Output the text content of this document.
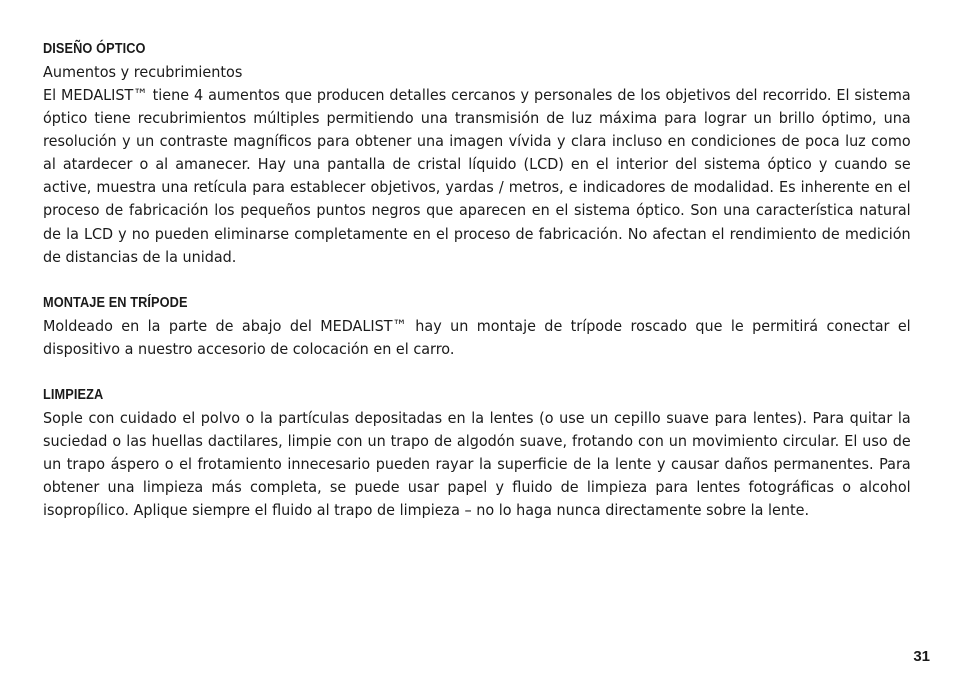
DISEÑO ÓPTICO

Aumentos y recubrimientos

El MEDALIST™ tiene 4 aumentos que producen detalles cercanos y personales de los objetivos del recorrido. El sistema óptico tiene recubrimientos múltiples permitiendo una transmisión de luz máxima para lograr un brillo óptimo, una resolución y un contraste magníficos para obtener una imagen vívida y clara incluso en condiciones de poca luz como al atardecer o al amanecer. Hay una pantalla de cristal líquido (LCD) en el interior del sistema óptico y cuando se active, muestra una retícula para establecer objetivos, yardas / metros, e indicadores de modalidad. Es inherente en el proceso de fabricación los pequeños puntos negros que aparecen en el sistema óptico. Son una característica natural de la LCD y no pueden eliminarse completamente en el proceso de fabricación. No afectan el rendimiento de medición de distancias de la unidad.

MONTAJE EN TRÍPODE

Moldeado en la parte de abajo del MEDALIST™ hay un montaje de trípode roscado que le permitirá conectar el dispositivo a nuestro accesorio de colocación en el carro.

LIMPIEZA

Sople con cuidado el polvo o la partículas depositadas en la lentes (o use un cepillo suave para lentes). Para quitar la suciedad o las huellas dactilares, limpie con un trapo de algodón suave, frotando con un movimiento circular. El uso de un trapo áspero o el frotamiento innecesario pueden rayar la superficie de la lente y causar daños permanentes. Para obtener una limpieza más completa, se puede usar papel y fluido de limpieza para lentes fotográficas o alcohol isopropílico. Aplique siempre el fluido al trapo de limpieza – no lo haga nunca directamente sobre la lente.

31
